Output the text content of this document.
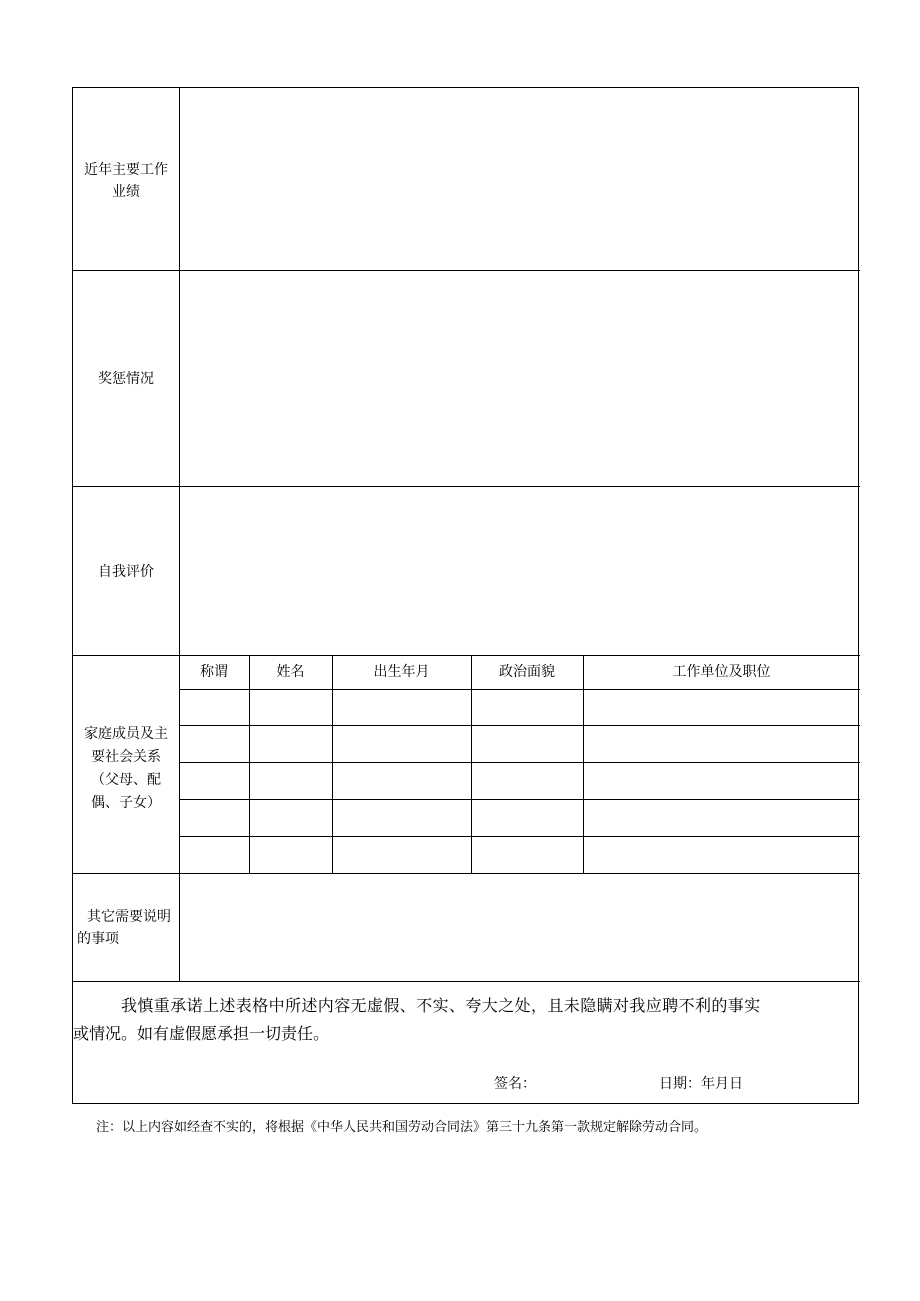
近年主要工作
业绩
奖惩情况
自我评价
家庭成员及主
要社会关系
（父母、配
偶、子女）
其它需要说明
的事项
称谓	姓名	出生年月	政治面貌	工作单位及职位
我慎重承诺上述表格中所述内容无虚假、不实、夸大之处，且未隐瞒对我应聘不利的事实
或情况。如有虚假愿承担一切责任。
签名：	日期：年月日
注：以上内容如经查不实的，将根据《中华人民共和国劳动合同法》第三十九条第一款规定解除劳动合同。
